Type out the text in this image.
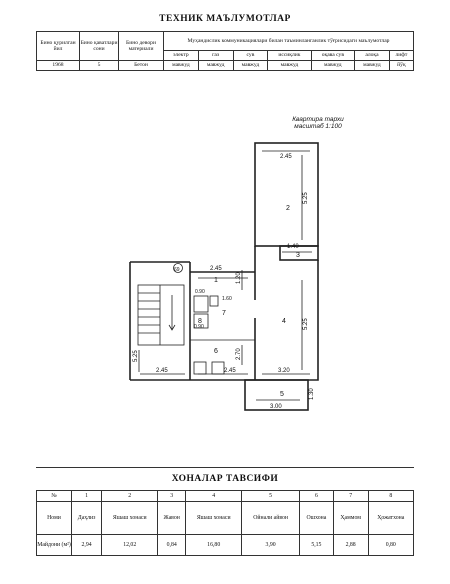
ТЕХНИК МАЪЛУМОТЛАР
Бино қурилган йил	Бино қаватлари сони	Бино девори материали	Муҳандислик коммуникациялари билан таъминланганлик тўғрисидаги маълумотлар						
			электр	газ	сув	иссиқлик	оқава сув	алоқа	лифт
1968	5	Бетон	мавжуд	мавжуд	мавжуд	мавжуд	мавжуд	мавжуд	йўқ
Квартира тархи
масштаб 1:100
2.45
5.25
1.40
2.45
1.20
0.90
1.60
5.25
5.25	2.70
2.45	2.45	3.20
3.00
1.30
0.90
2
3
1
4
7
8
6
5
69
ХОНАЛАР ТАВСИФИ
№	1	2	3	4	5	6	7	8
Номи	Даҳлиз	Яшаш хонаси	Жавон	Яшаш хонаси	Ойнали айвон	Ошхона	Ҳаммом	Ҳожатхона
Майдони (м²)	2,94	12,02	0,84	16,80	3,90	5,15	2,88	0,80
